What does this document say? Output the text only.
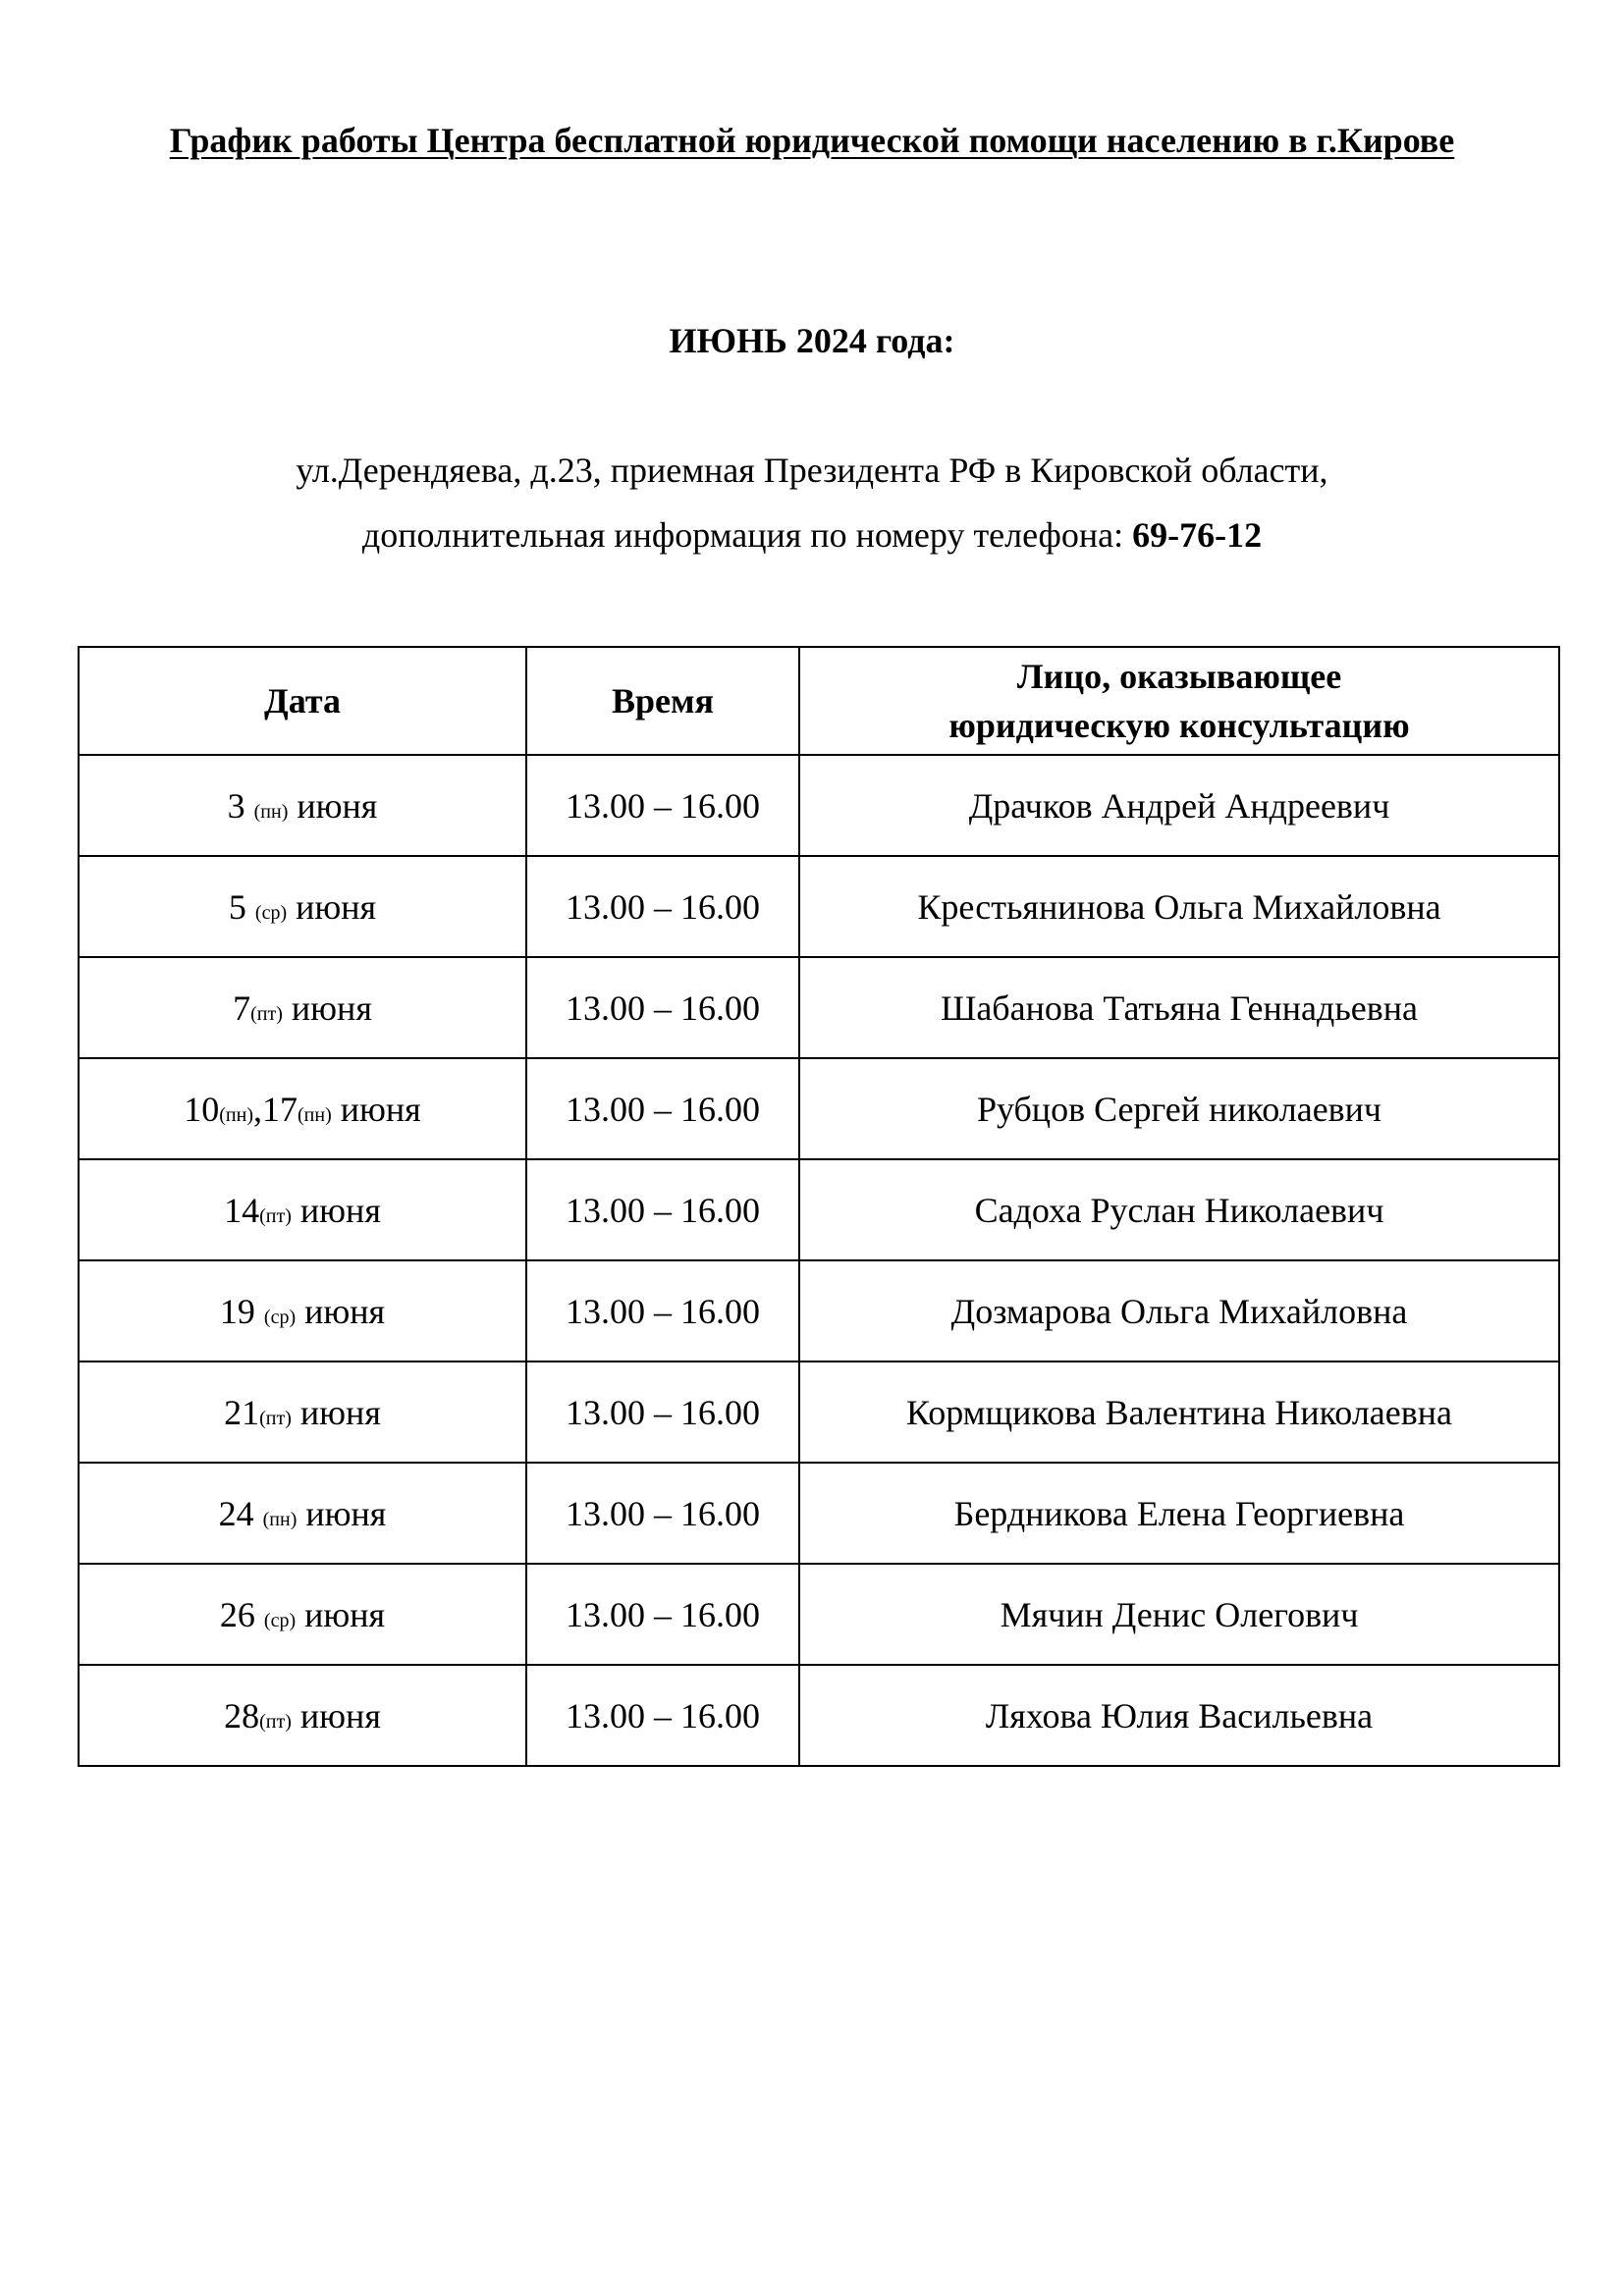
График работы Центра бесплатной юридической помощи населению в г.Кирове
ИЮНЬ 2024 года:
ул.Дерендяева, д.23, приемная Президента РФ в Кировской области,
дополнительная информация по номеру телефона: 69-76-12
Дата	Время	Лицо, оказывающее
юридическую консультацию
3 (пн) июня	13.00 – 16.00	Драчков Андрей Андреевич
5 (ср) июня	13.00 – 16.00	Крестьянинова Ольга Михайловна
7(пт) июня	13.00 – 16.00	Шабанова Татьяна Геннадьевна
10(пн),17(пн) июня	13.00 – 16.00	Рубцов Сергей николаевич
14(пт) июня	13.00 – 16.00	Садоха Руслан Николаевич
19 (ср) июня	13.00 – 16.00	Дозмарова Ольга Михайловна
21(пт) июня	13.00 – 16.00	Кормщикова Валентина Николаевна
24 (пн) июня	13.00 – 16.00	Бердникова Елена Георгиевна
26 (ср) июня	13.00 – 16.00	Мячин Денис Олегович
28(пт) июня	13.00 – 16.00	Ляхова Юлия Васильевна
